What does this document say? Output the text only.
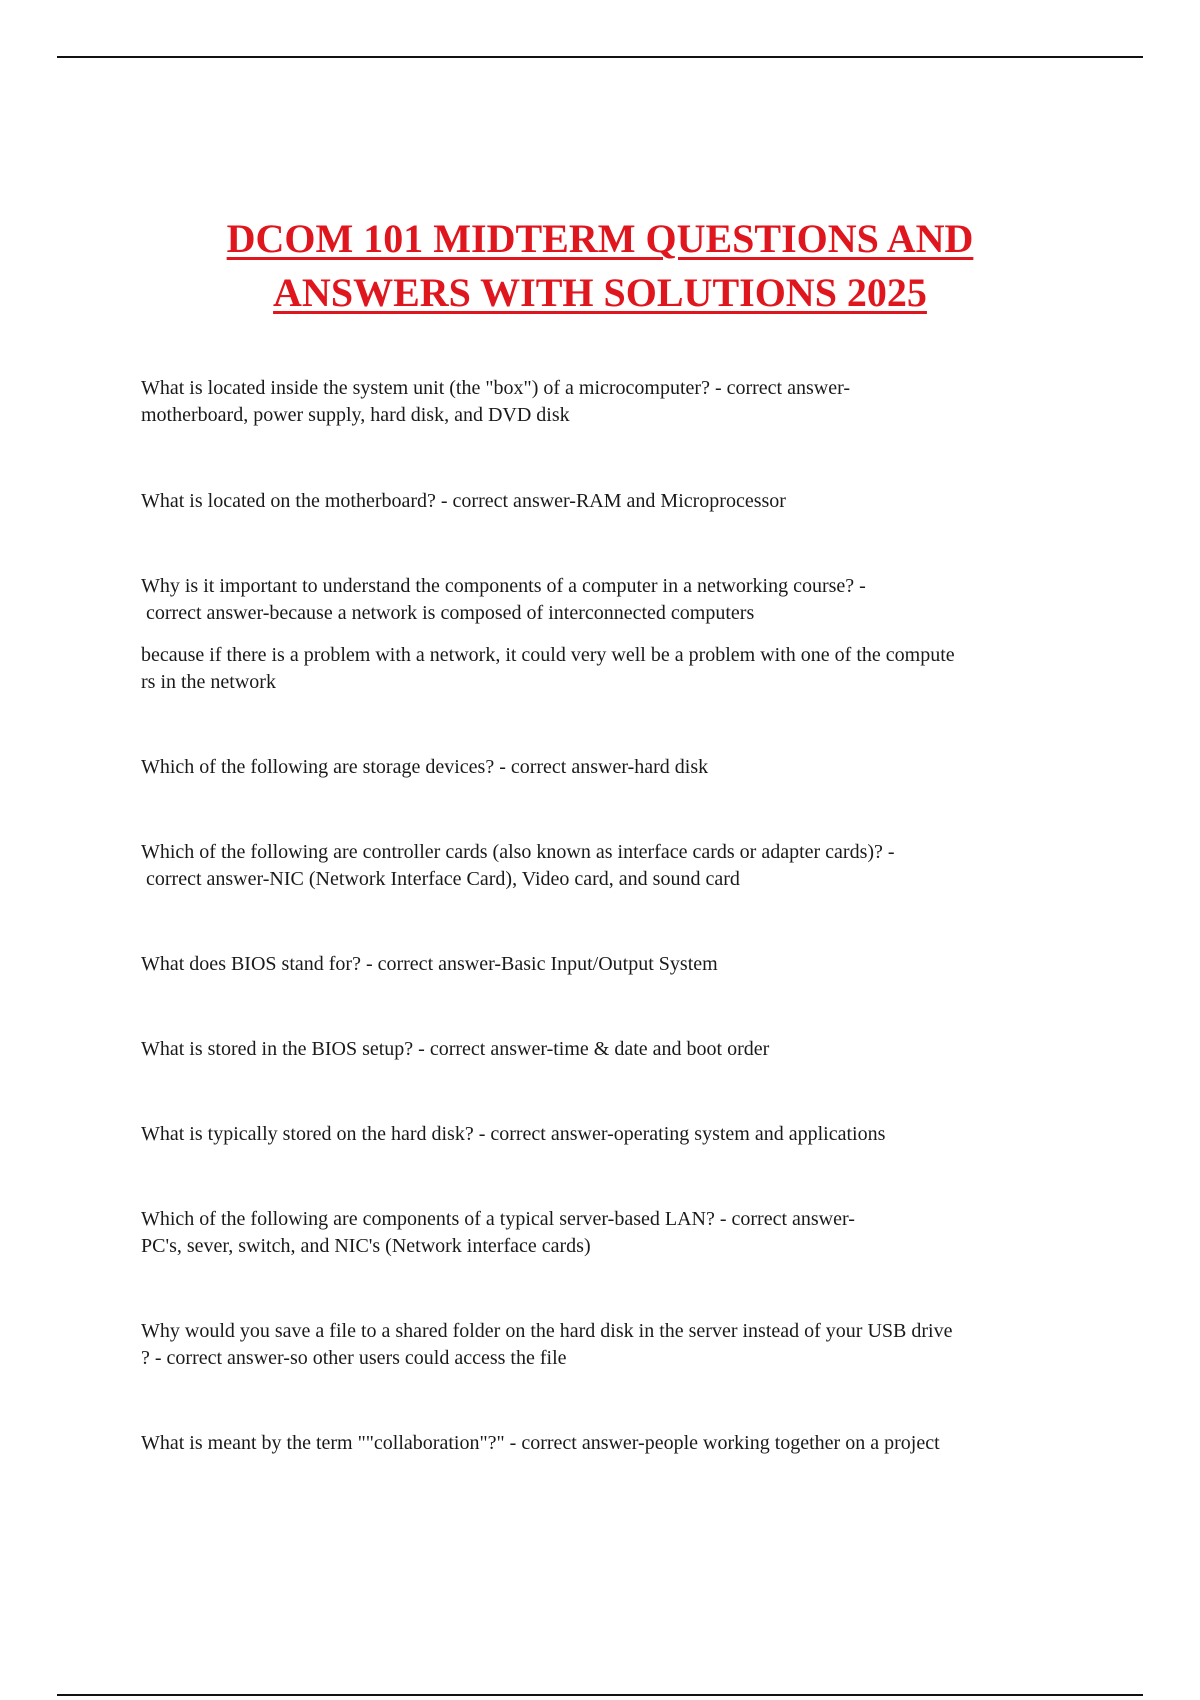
DCOM 101 MIDTERM QUESTIONS AND
ANSWERS WITH SOLUTIONS 2025
What is located inside the system unit (the "box") of a microcomputer? - correct answer-
motherboard, power supply, hard disk, and DVD disk
What is located on the motherboard? - correct answer-RAM and Microprocessor
Why is it important to understand the components of a computer in a networking course? -
correct answer-because a network is composed of interconnected computers
because if there is a problem with a network, it could very well be a problem with one of the compute
rs in the network
Which of the following are storage devices? - correct answer-hard disk
Which of the following are controller cards (also known as interface cards or adapter cards)? -
correct answer-NIC (Network Interface Card), Video card, and sound card
What does BIOS stand for? - correct answer-Basic Input/Output System
What is stored in the BIOS setup? - correct answer-time & date and boot order
What is typically stored on the hard disk? - correct answer-operating system and applications
Which of the following are components of a typical server-based LAN? - correct answer-
PC's, sever, switch, and NIC's (Network interface cards)
Why would you save a file to a shared folder on the hard disk in the server instead of your USB drive
? - correct answer-so other users could access the file
What is meant by the term ""collaboration"?" - correct answer-people working together on a project
